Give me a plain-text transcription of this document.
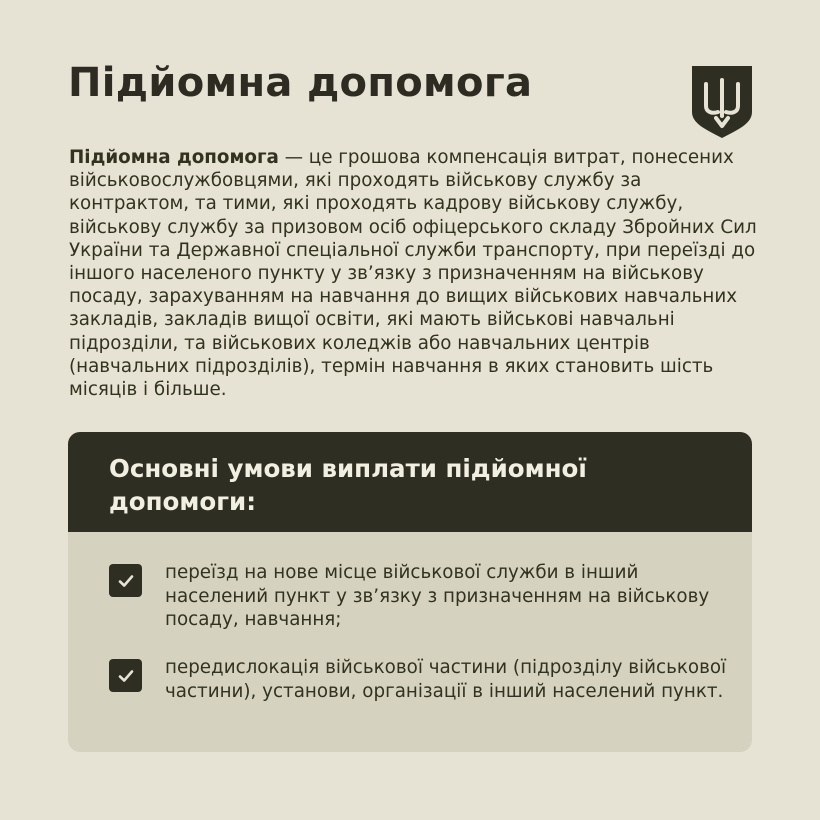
Підйомна допомога

Підйомна допомога — це грошова компенсація витрат, понесених військовослужбовцями, які проходять військову службу за контрактом, та тими, які проходять кадрову військову службу, військову службу за призовом осіб офіцерського складу Збройних Сил України та Державної спеціальної служби транспорту, при переїзді до іншого населеного пункту у зв’язку з призначенням на військову посаду, зарахуванням на навчання до вищих військових навчальних закладів, закладів вищої освіти, які мають військові навчальні підрозділи, та військових коледжів або навчальних центрів (навчальних підрозділів), термін навчання в яких становить шість місяців і більше.

Основні умови виплати підйомної допомоги:
переїзд на нове місце військової служби в інший населений пункт у зв’язку з призначенням на військову посаду, навчання;
передислокація військової частини (підрозділу військової частини), установи, організації в інший населений пункт.
